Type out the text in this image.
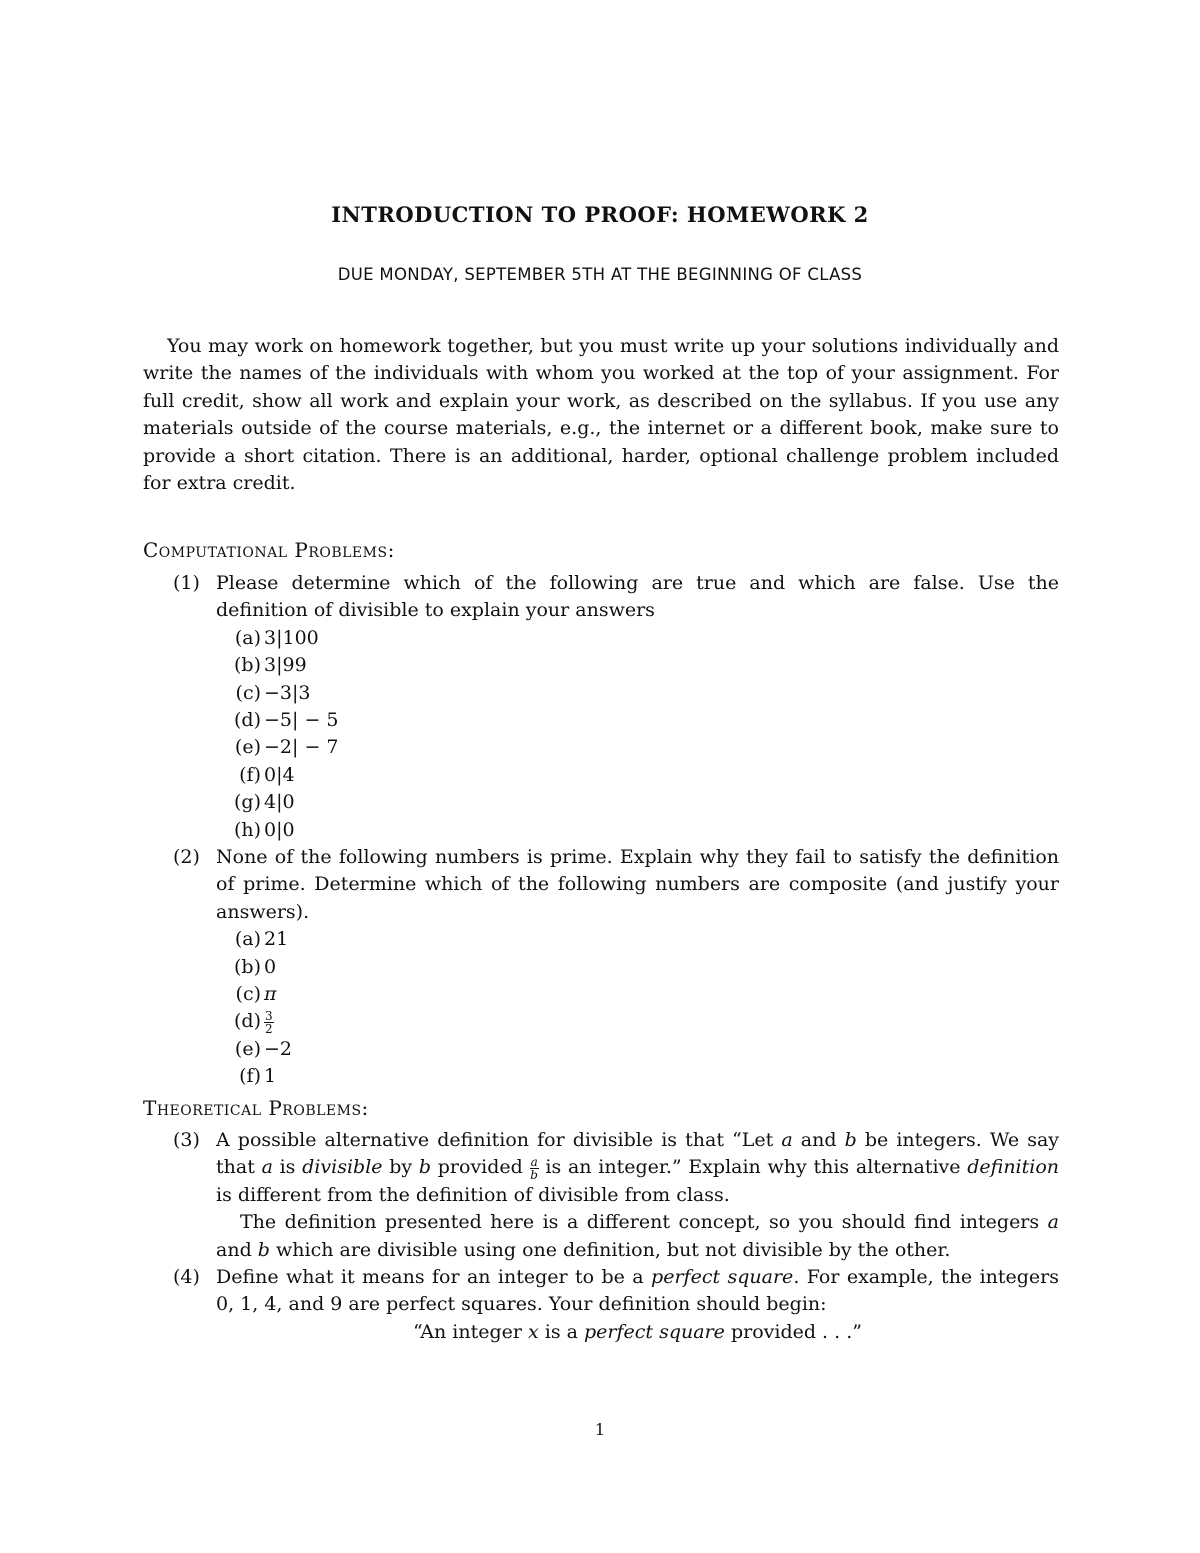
INTRODUCTION TO PROOF: HOMEWORK 2
DUE MONDAY, SEPTEMBER 5TH AT THE BEGINNING OF CLASS

You may work on homework together, but you must write up your solutions individually and write the names of the individuals with whom you worked at the top of your assignment. For full credit, show all work and explain your work, as described on the syllabus. If you use any materials outside of the course materials, e.g., the internet or a different book, make sure to provide a short citation. There is an additional, harder, optional challenge problem included for extra credit.

Computational Problems:
(1) Please determine which of the following are true and which are false. Use the definition of divisible to explain your answers
(a) 3|100
(b) 3|99
(c) −3|3
(d) −5| − 5
(e) −2| − 7
(f) 0|4
(g) 4|0
(h) 0|0
(2) None of the following numbers is prime. Explain why they fail to satisfy the definition of prime. Determine which of the following numbers are composite (and justify your answers).
(a) 21
(b) 0
(c) π
$(d) \frac{3}{2}$
(e) −2
(f) 1
Theoretical Problems:
(3) A possible alternative definition for divisible is that “Let a and b be integers. We say that a is divisible by b provided $\frac{a}{b}$ is an integer.” Explain why this alternative definition is different from the definition of divisible from class.
The definition presented here is a different concept, so you should find integers a and b which are divisible using one definition, but not divisible by the other.
(4) Define what it means for an integer to be a perfect square. For example, the integers 0, 1, 4, and 9 are perfect squares. Your definition should begin:
“An integer x is a perfect square provided . . .”
1
